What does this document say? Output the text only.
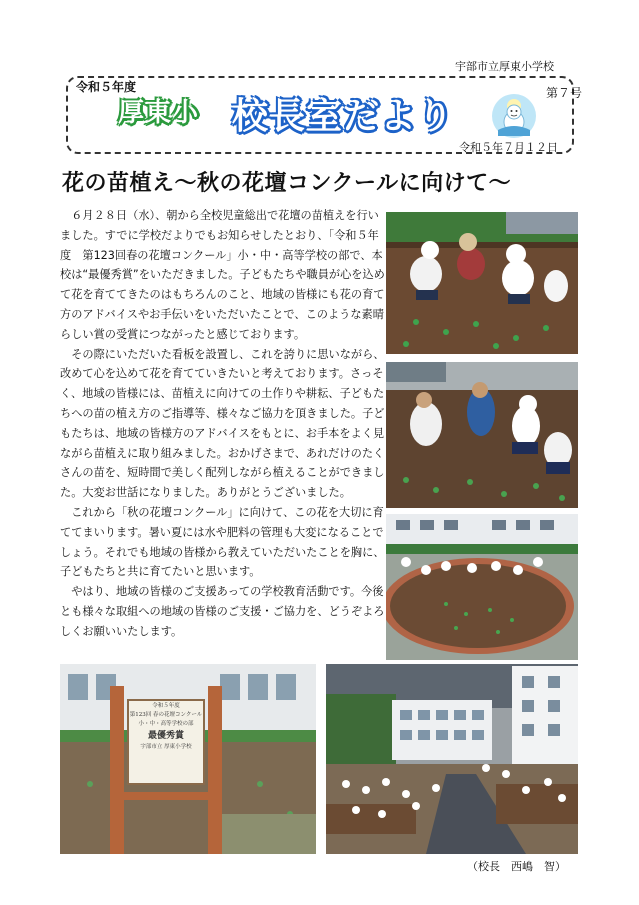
宇部市立厚東小学校
令和５年度
厚東小 校長室だより
第７号
令和５年７月１２日
花の苗植え～秋の花壇コンクールに向けて～

６月２８日（水）、朝から全校児童総出で花壇の苗植えを行いました。すでに学校だよりでもお知らせしたとおり、「令和５年度　第123回春の花壇コンクール」小・中・高等学校の部で、本校は“最優秀賞”をいただきました。子どもたちや職員が心を込めて花を育ててきたのはもちろんのこと、地域の皆様にも花の育て方のアドバイスやお手伝いをいただいたことで、このような素晴らしい賞の受賞につながったと感じております。

その際にいただいた看板を設置し、これを誇りに思いながら、改めて心を込めて花を育てていきたいと考えております。さっそく、地域の皆様には、苗植えに向けての土作りや耕耘、子どもたちへの苗の植え方のご指導等、様々なご協力を頂きました。子どもたちは、地域の皆様方のアドバイスをもとに、お手本をよく見ながら苗植えに取り組みました。おかげさまで、あれだけのたくさんの苗を、短時間で美しく配列しながら植えることができました。大変お世話になりました。ありがとうございました。

これから「秋の花壇コンクール」に向けて、この花を大切に育ててまいります。暑い夏には水や肥料の管理も大変になることでしょう。それでも地域の皆様から教えていただいたことを胸に、子どもたちと共に育てたいと思います。

やはり、地域の皆様のご支援あっての学校教育活動です。今後とも様々な取組への地域の皆様のご支援・ご協力を、どうぞよろしくお願いいたします。

令和５年度
第123回 春の花壇コンクール
小・中・高等学校の部
最優秀賞
宇部市立 厚東小学校
（校長　西嶋　智）
